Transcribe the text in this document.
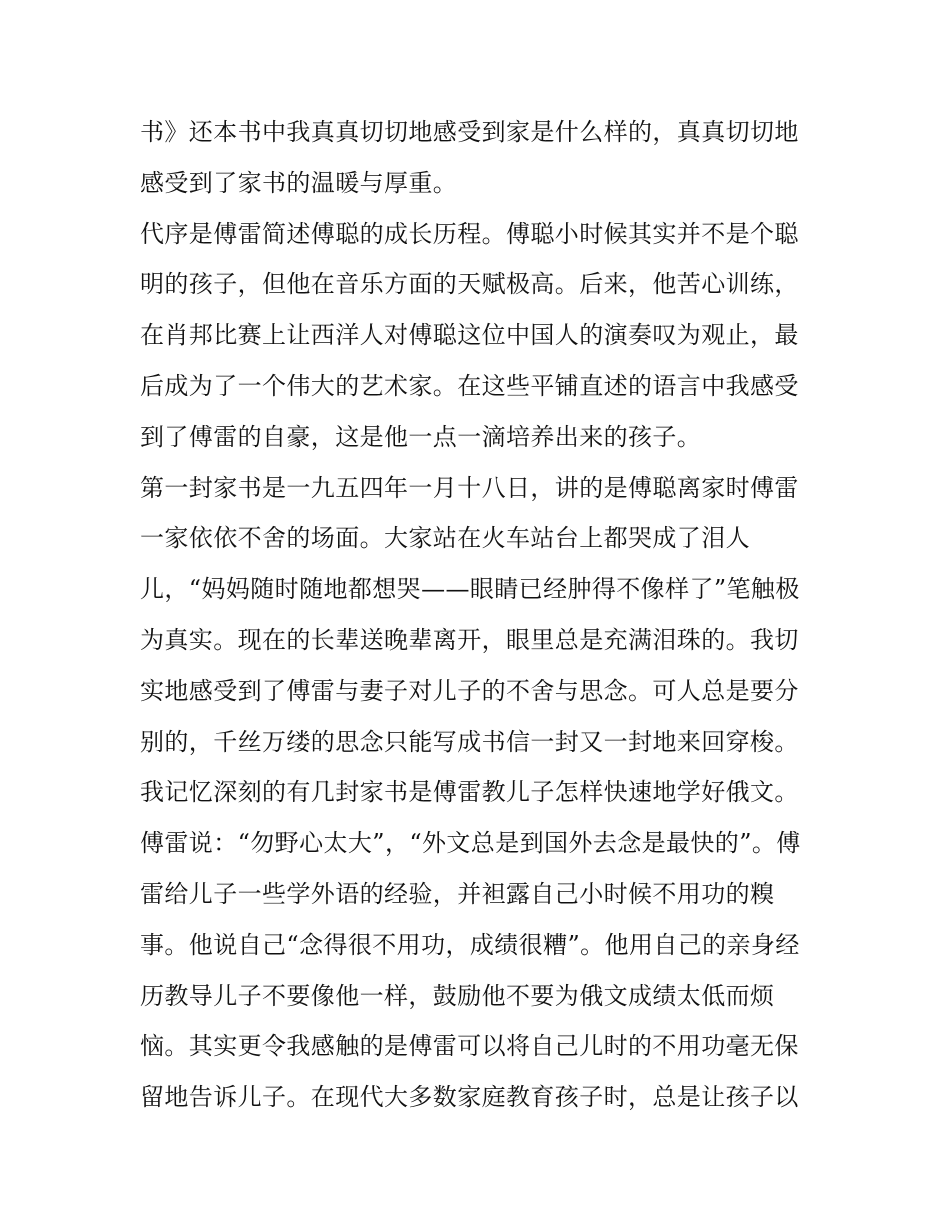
书》还本书中我真真切切地感受到家是什么样的，真真切切地
感受到了家书的温暖与厚重。
代序是傅雷简述傅聪的成长历程。傅聪小时候其实并不是个聪
明的孩子，但他在音乐方面的天赋极高。后来，他苦心训练，
在肖邦比赛上让西洋人对傅聪这位中国人的演奏叹为观止，最
后成为了一个伟大的艺术家。在这些平铺直述的语言中我感受
到了傅雷的自豪，这是他一点一滴培养出来的孩子。
第一封家书是一九五四年一月十八日，讲的是傅聪离家时傅雷
一家依依不舍的场面。大家站在火车站台上都哭成了泪人
儿，“妈妈随时随地都想哭——眼睛已经肿得不像样了”笔触极
为真实。现在的长辈送晚辈离开，眼里总是充满泪珠的。我切
实地感受到了傅雷与妻子对儿子的不舍与思念。可人总是要分
别的，千丝万缕的思念只能写成书信一封又一封地来回穿梭。
我记忆深刻的有几封家书是傅雷教儿子怎样快速地学好俄文。
傅雷说：“勿野心太大”，“外文总是到国外去念是最快的”。傅
雷给儿子一些学外语的经验，并袒露自己小时候不用功的糗
事。他说自己“念得很不用功，成绩很糟”。他用自己的亲身经
历教导儿子不要像他一样，鼓励他不要为俄文成绩太低而烦
恼。其实更令我感触的是傅雷可以将自己儿时的不用功毫无保
留地告诉儿子。在现代大多数家庭教育孩子时，总是让孩子以
